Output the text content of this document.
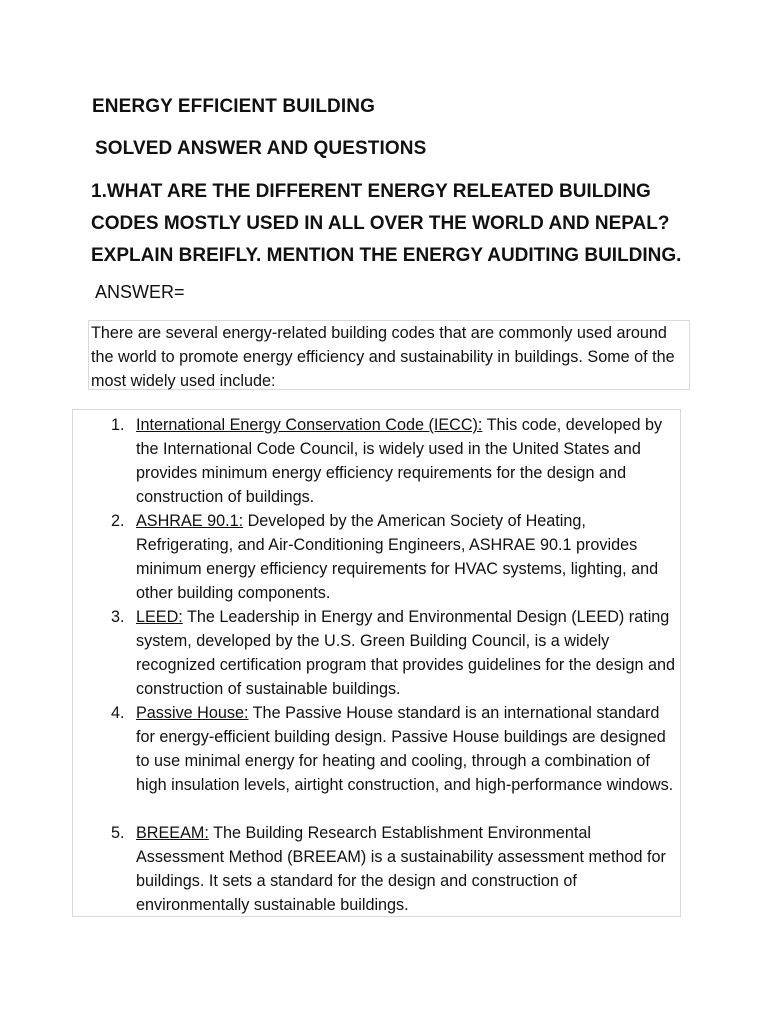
ENERGY EFFICIENT BUILDING
SOLVED ANSWER AND QUESTIONS
1.WHAT ARE THE DIFFERENT ENERGY RELEATED BUILDING CODES MOSTLY USED IN ALL OVER THE WORLD AND NEPAL? EXPLAIN BREIFLY. MENTION THE ENERGY AUDITING BUILDING.
ANSWER=
There are several energy-related building codes that are commonly used around the world to promote energy efficiency and sustainability in buildings. Some of the most widely used include:
1. International Energy Conservation Code (IECC): This code, developed by the International Code Council, is widely used in the United States and provides minimum energy efficiency requirements for the design and construction of buildings.
2. ASHRAE 90.1: Developed by the American Society of Heating, Refrigerating, and Air-Conditioning Engineers, ASHRAE 90.1 provides minimum energy efficiency requirements for HVAC systems, lighting, and other building components.
3. LEED: The Leadership in Energy and Environmental Design (LEED) rating system, developed by the U.S. Green Building Council, is a widely recognized certification program that provides guidelines for the design and construction of sustainable buildings.
4. Passive House: The Passive House standard is an international standard for energy-efficient building design. Passive House buildings are designed to use minimal energy for heating and cooling, through a combination of high insulation levels, airtight construction, and high-performance windows.
5. BREEAM: The Building Research Establishment Environmental Assessment Method (BREEAM) is a sustainability assessment method for buildings. It sets a standard for the design and construction of environmentally sustainable buildings.
